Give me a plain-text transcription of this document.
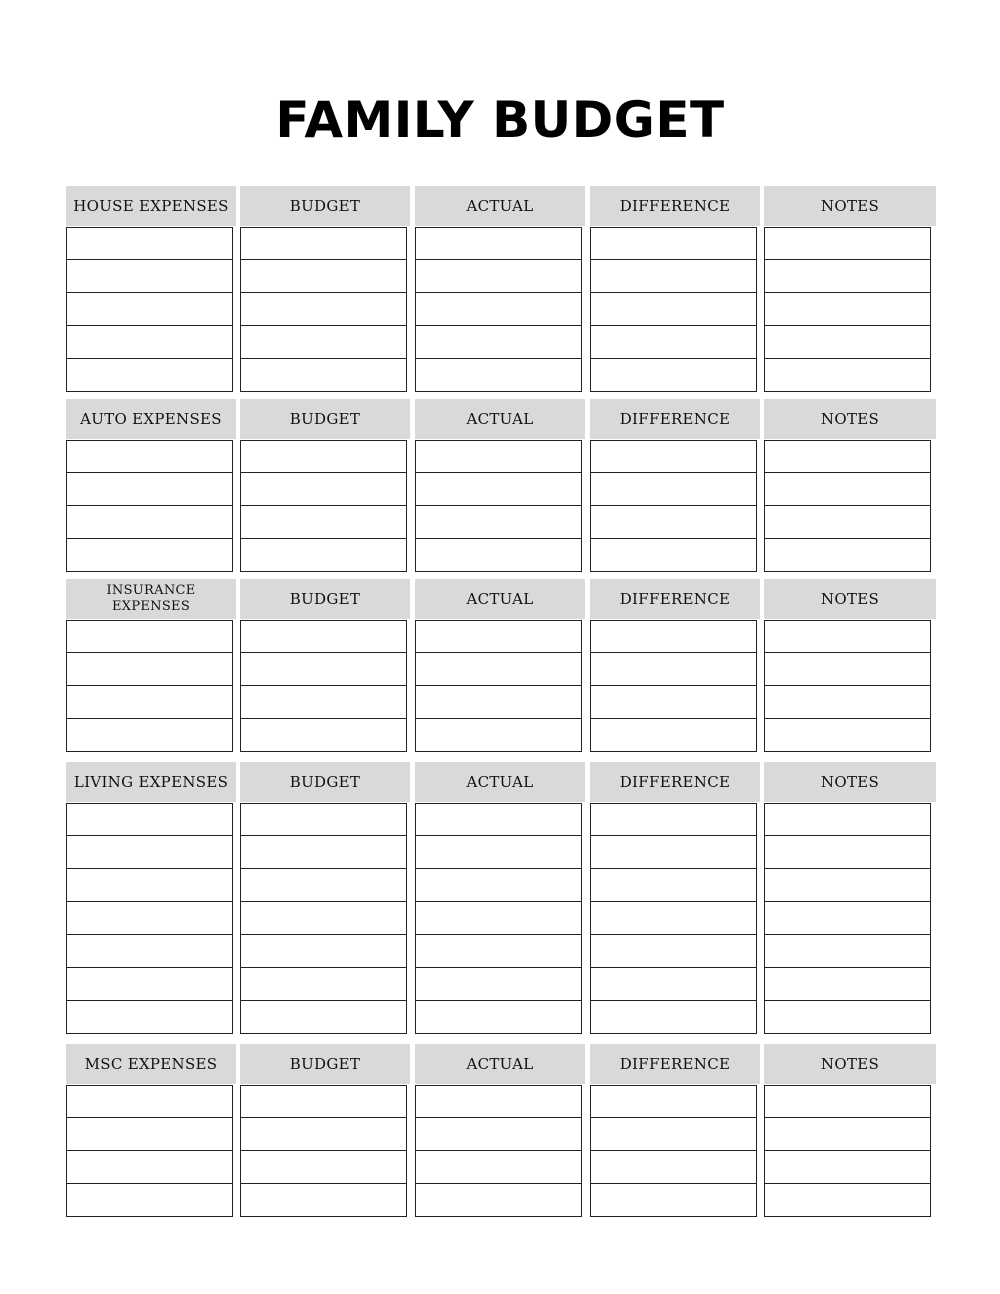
FAMILY BUDGET
HOUSE EXPENSES	BUDGET	ACTUAL	DIFFERENCE	NOTES
AUTO EXPENSES	BUDGET	ACTUAL	DIFFERENCE	NOTES
INSURANCE EXPENSES	BUDGET	ACTUAL	DIFFERENCE	NOTES
LIVING EXPENSES	BUDGET	ACTUAL	DIFFERENCE	NOTES
MSC EXPENSES	BUDGET	ACTUAL	DIFFERENCE	NOTES
